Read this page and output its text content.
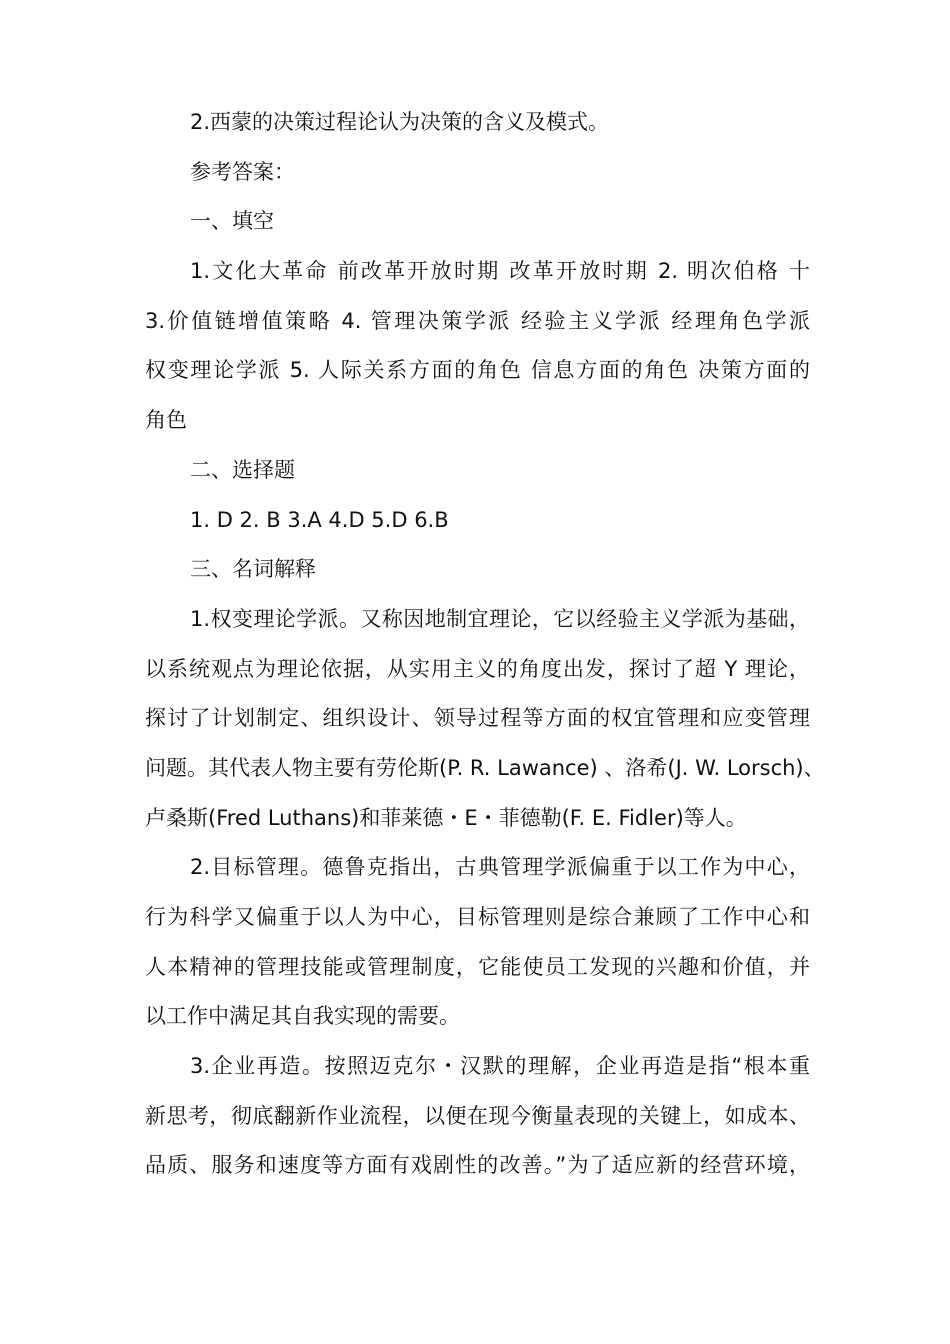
2.西蒙的决策过程论认为决策的含义及模式。
参考答案：
一、填空
1.文化大革命 前改革开放时期 改革开放时期 2. 明次伯格 十
3.价值链增值策略 4. 管理决策学派 经验主义学派 经理角色学派
权变理论学派 5. 人际关系方面的角色 信息方面的角色 决策方面的
角色
二、选择题
1. D 2. B 3.A 4.D 5.D 6.B
三、名词解释
1.权变理论学派。又称因地制宜理论，它以经验主义学派为基础，
以系统观点为理论依据，从实用主义的角度出发，探讨了超 Y 理论，
探讨了计划制定、组织设计、领导过程等方面的权宜管理和应变管理
问题。其代表人物主要有劳伦斯(P. R. Lawance) 、洛希(J. W. Lorsch)、
卢桑斯(Fred Luthans)和菲莱德・E・菲德勒(F. E. Fidler)等人。
2.目标管理。德鲁克指出，古典管理学派偏重于以工作为中心，
行为科学又偏重于以人为中心，目标管理则是综合兼顾了工作中心和
人本精神的管理技能或管理制度，它能使员工发现的兴趣和价值，并
以工作中满足其自我实现的需要。
3.企业再造。按照迈克尔・汉默的理解，企业再造是指“根本重
新思考，彻底翻新作业流程，以便在现今衡量表现的关键上，如成本、
品质、服务和速度等方面有戏剧性的改善。”为了适应新的经营环境，
